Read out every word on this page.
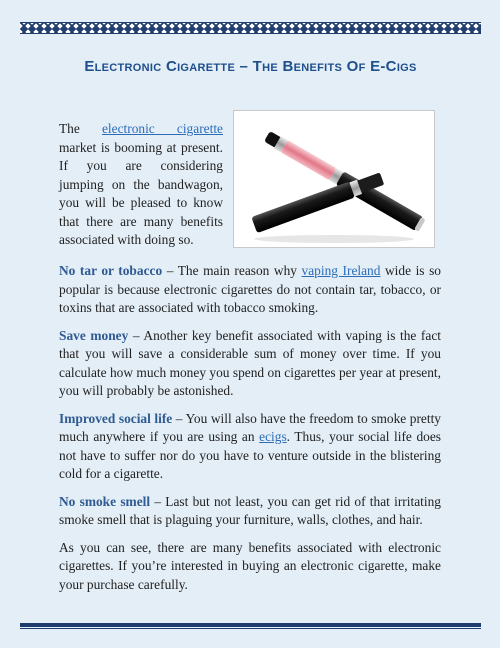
Electronic Cigarette – The Benefits Of E-Cigs

The electronic cigarette market is booming at present. If you are considering jumping on the bandwagon, you will be pleased to know that there are many benefits associated with doing so.

No tar or tobacco – The main reason why vaping Ireland wide is so popular is because electronic cigarettes do not contain tar, tobacco, or toxins that are associated with tobacco smoking.

Save money – Another key benefit associated with vaping is the fact that you will save a considerable sum of money over time. If you calculate how much money you spend on cigarettes per year at present, you will probably be astonished.

Improved social life – You will also have the freedom to smoke pretty much anywhere if you are using an ecigs. Thus, your social life does not have to suffer nor do you have to venture outside in the blistering cold for a cigarette.

No smoke smell – Last but not least, you can get rid of that irritating smoke smell that is plaguing your furniture, walls, clothes, and hair.

As you can see, there are many benefits associated with electronic cigarettes. If you’re interested in buying an electronic cigarette, make your purchase carefully.
